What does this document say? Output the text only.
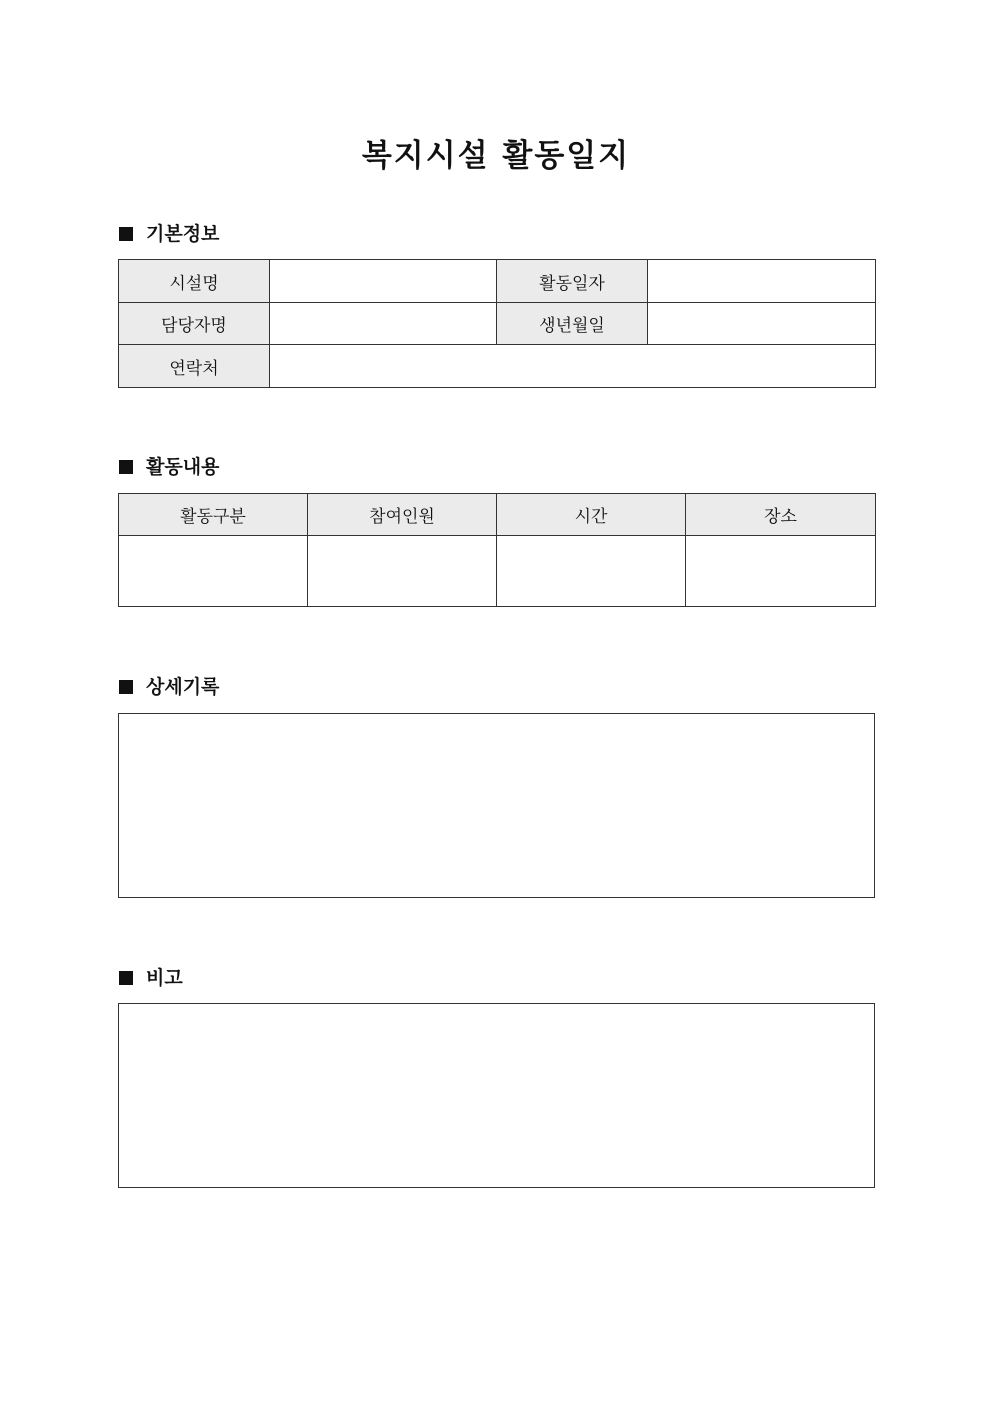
복지시설 활동일지
기본정보
시설명		활동일자	
담당자명		생년월일	
연락처			
활동내용
활동구분	참여인원	시간	장소

상세기록
비고
